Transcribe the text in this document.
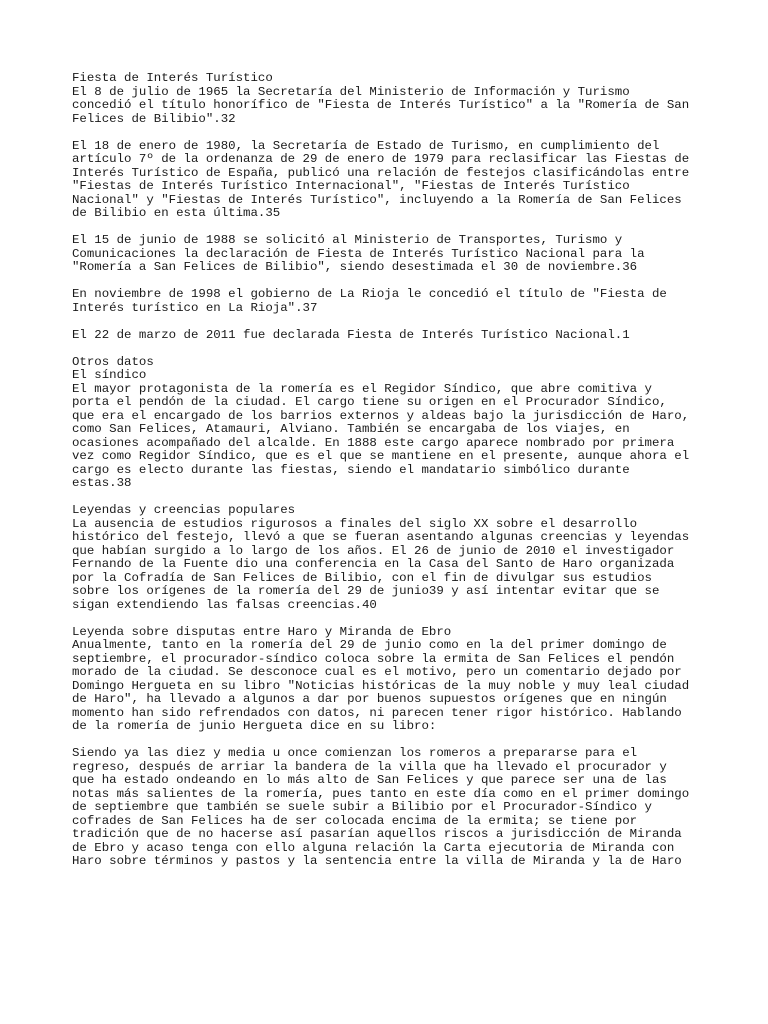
Fiesta de Interés Turístico
El 8 de julio de 1965 la Secretaría del Ministerio de Información y Turismo
concedió el título honorífico de "Fiesta de Interés Turístico" a la "Romería de San
Felices de Bilibio".32
El 18 de enero de 1980, la Secretaría de Estado de Turismo, en cumplimiento del
artículo 7º de la ordenanza de 29 de enero de 1979 para reclasificar las Fiestas de
Interés Turístico de España, publicó una relación de festejos clasificándolas entre
"Fiestas de Interés Turístico Internacional", "Fiestas de Interés Turístico
Nacional" y "Fiestas de Interés Turístico", incluyendo a la Romería de San Felices
de Bilibio en esta última.35
El 15 de junio de 1988 se solicitó al Ministerio de Transportes, Turismo y
Comunicaciones la declaración de Fiesta de Interés Turístico Nacional para la
"Romería a San Felices de Bilibio", siendo desestimada el 30 de noviembre.36
En noviembre de 1998 el gobierno de La Rioja le concedió el título de "Fiesta de
Interés turístico en La Rioja".37
El 22 de marzo de 2011 fue declarada Fiesta de Interés Turístico Nacional.1
Otros datos
El síndico
El mayor protagonista de la romería es el Regidor Síndico, que abre comitiva y
porta el pendón de la ciudad. El cargo tiene su origen en el Procurador Síndico,
que era el encargado de los barrios externos y aldeas bajo la jurisdicción de Haro,
como San Felices, Atamauri, Alviano. También se encargaba de los viajes, en
ocasiones acompañado del alcalde. En 1888 este cargo aparece nombrado por primera
vez como Regidor Síndico, que es el que se mantiene en el presente, aunque ahora el
cargo es electo durante las fiestas, siendo el mandatario simbólico durante
estas.38
Leyendas y creencias populares
La ausencia de estudios rigurosos a finales del siglo XX sobre el desarrollo
histórico del festejo, llevó a que se fueran asentando algunas creencias y leyendas
que habían surgido a lo largo de los años. El 26 de junio de 2010 el investigador
Fernando de la Fuente dio una conferencia en la Casa del Santo de Haro organizada
por la Cofradía de San Felices de Bilibio, con el fin de divulgar sus estudios
sobre los orígenes de la romería del 29 de junio39 y así intentar evitar que se
sigan extendiendo las falsas creencias.40
Leyenda sobre disputas entre Haro y Miranda de Ebro
Anualmente, tanto en la romería del 29 de junio como en la del primer domingo de
septiembre, el procurador-síndico coloca sobre la ermita de San Felices el pendón
morado de la ciudad. Se desconoce cual es el motivo, pero un comentario dejado por
Domingo Hergueta en su libro "Noticias históricas de la muy noble y muy leal ciudad
de Haro", ha llevado a algunos a dar por buenos supuestos orígenes que en ningún
momento han sido refrendados con datos, ni parecen tener rigor histórico. Hablando
de la romería de junio Hergueta dice en su libro:
Siendo ya las diez y media u once comienzan los romeros a prepararse para el
regreso, después de arriar la bandera de la villa que ha llevado el procurador y
que ha estado ondeando en lo más alto de San Felices y que parece ser una de las
notas más salientes de la romería, pues tanto en este día como en el primer domingo
de septiembre que también se suele subir a Bilibio por el Procurador-Síndico y
cofrades de San Felices ha de ser colocada encima de la ermita; se tiene por
tradición que de no hacerse así pasarían aquellos riscos a jurisdicción de Miranda
de Ebro y acaso tenga con ello alguna relación la Carta ejecutoria de Miranda con
Haro sobre términos y pastos y la sentencia entre la villa de Miranda y la de Haro
